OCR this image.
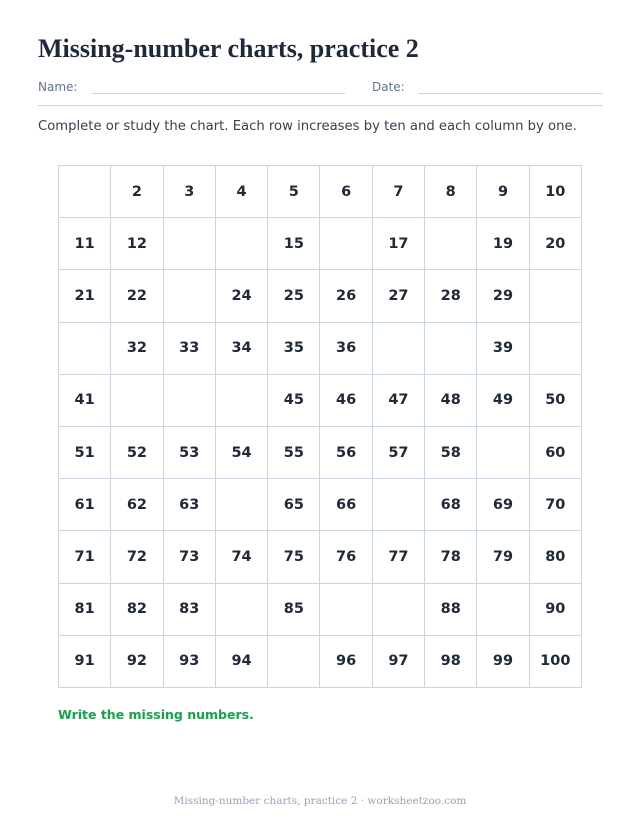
Missing-number charts, practice 2
Name:	Date:
Complete or study the chart. Each row increases by ten and each column by one.
	2	3	4	5	6	7	8	9	10
11	12			15		17		19	20
21	22		24	25	26	27	28	29	
	32	33	34	35	36			39	
41				45	46	47	48	49	50
51	52	53	54	55	56	57	58		60
61	62	63		65	66		68	69	70
71	72	73	74	75	76	77	78	79	80
81	82	83		85			88		90
91	92	93	94		96	97	98	99	100
Write the missing numbers.
Missing-number charts, practice 2 · worksheetzoo.com
